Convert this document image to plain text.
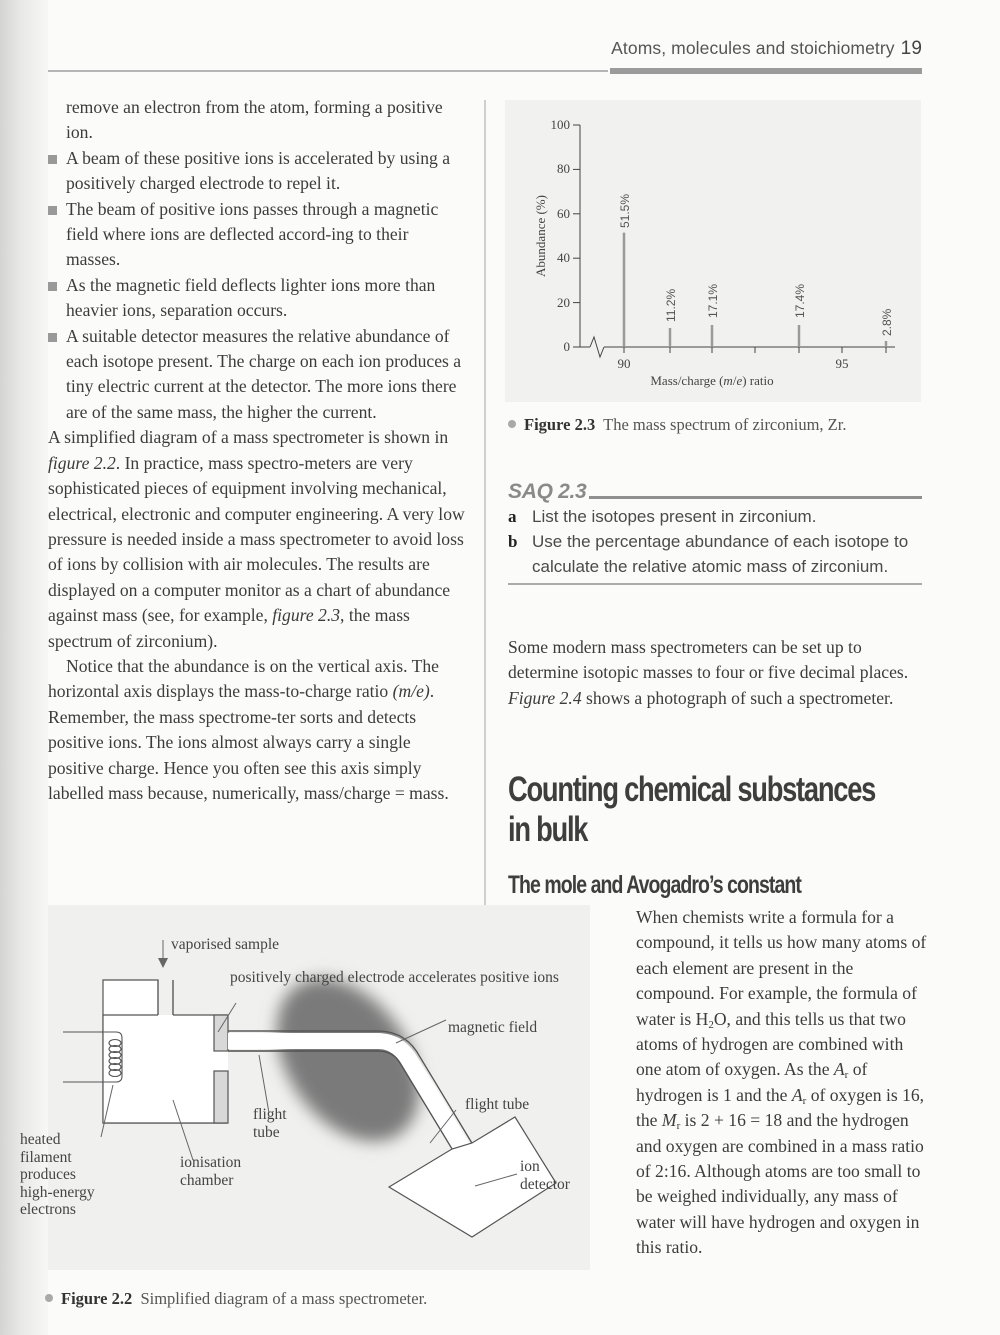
Atoms, molecules and stoichiometry 19
remove an electron from the atom, forming a positive ion.
A beam of these positive ions is accelerated by using a positively charged electrode to repel it.
The beam of positive ions passes through a magnetic field where ions are deflected accord-ing to their masses.
As the magnetic field deflects lighter ions more than heavier ions, separation occurs.
A suitable detector measures the relative abundance of each isotope present. The charge on each ion produces a tiny electric current at the detector. The more ions there are of the same mass, the higher the current.

A simplified diagram of a mass spectrometer is shown in figure 2.2. In practice, mass spectro-meters are very sophisticated pieces of equipment involving mechanical, electrical, electronic and computer engineering. A very low pressure is needed inside a mass spectrometer to avoid loss of ions by collision with air molecules. The results are displayed on a computer monitor as a chart of abundance against mass (see, for example, figure 2.3, the mass spectrum of zirconium).

Notice that the abundance is on the vertical axis. The horizontal axis displays the mass-to-charge ratio (m/e). Remember, the mass spectrome-ter sorts and detects positive ions. The ions almost always carry a single positive charge. Hence you often see this axis simply labelled mass because, numerically, mass/charge = mass.

100
80
60
40
20
0
90	95
Mass/charge (m/e) ratio
Abundance (%)	51.5%
11.2% 17.1%	17.4%
2.8%
Figure 2.3 The mass spectrum of zirconium, Zr.
SAQ 2.3
a List the isotopes present in zirconium.
b Use the percentage abundance of each isotope to calculate the relative atomic mass of zirconium.
Some modern mass spectrometers can be set up to determine isotopic masses to four or five decimal places. Figure 2.4 shows a photograph of such a spectrometer.
Counting chemical substances
in bulk
The mole and Avogadro’s constant
When chemists write a formula for a compound, it tells us how many atoms of each element are present in the compound. For example, the formula of water is $H_2O$, and this tells us that two atoms of hydrogen are combined with one atom of oxygen. As the $A_r$ of hydrogen is 1 and the $A_r$ of oxygen is 16, the $M_r$ is 2 + 16 = 18 and the hydrogen and oxygen are combined in a mass ratio of 2:16. Although atoms are too small to be weighed individually, any mass of water will have hydrogen and oxygen in this ratio.
vaporised sample
positively charged electrode accelerates positive ions
magnetic field
flight tube
flight
tube
ion
detector
ionisation
chamber
heated
filament
produces
high-energy
electrons
Figure 2.2 Simplified diagram of a mass spectrometer.
